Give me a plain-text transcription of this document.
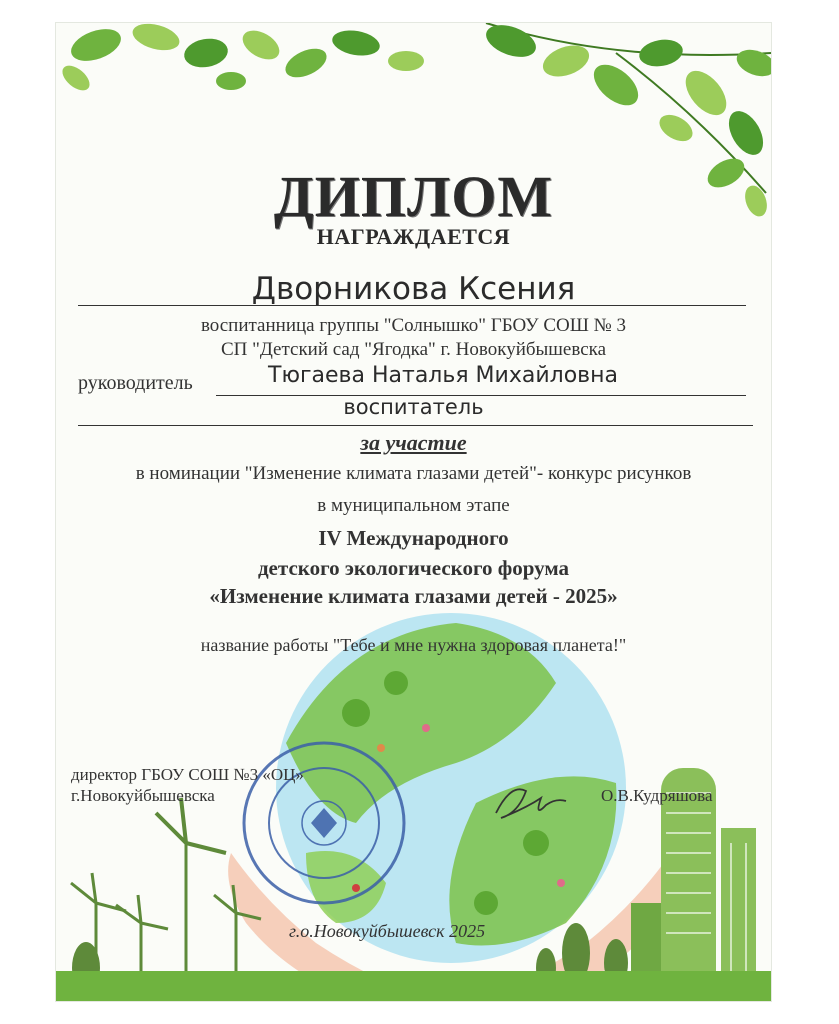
ДИПЛОМ
НАГРАЖДАЕТСЯ
Дворникова Ксения
воспитанница группы "Солнышко" ГБОУ СОШ № 3
СП "Детский сад "Ягодка" г. Новокуйбышевска
руководитель	Тюгаева Наталья Михайловна
воспитатель
за участие
в номинации "Изменение климата глазами детей"- конкурс рисунков
в муниципальном этапе
IV Международного
детского экологического форума
«Изменение климата глазами детей - 2025»
название работы "Тебе и мне нужна здоровая планета!"
директор ГБОУ СОШ №3 «ОЦ»
г.Новокуйбышевска	О.В.Кудряшова
г.о.Новокуйбышевск 2025
